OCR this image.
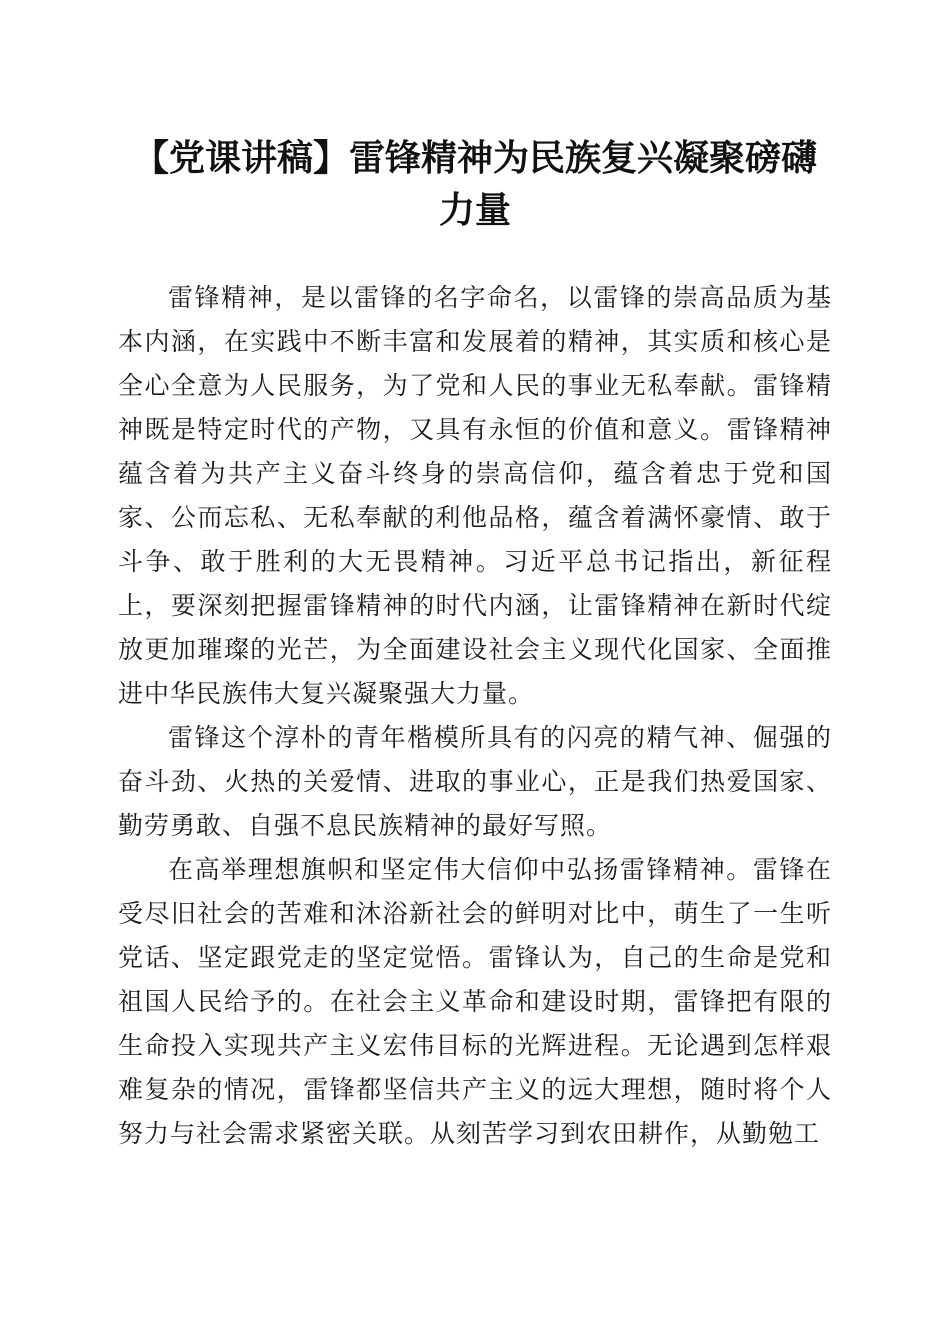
【党课讲稿】雷锋精神为民族复兴凝聚磅礴力量

雷锋精神，是以雷锋的名字命名，以雷锋的崇高品质为基本内涵，在实践中不断丰富和发展着的精神，其实质和核心是全心全意为人民服务，为了党和人民的事业无私奉献。雷锋精神既是特定时代的产物，又具有永恒的价值和意义。雷锋精神蕴含着为共产主义奋斗终身的崇高信仰，蕴含着忠于党和国家、公而忘私、无私奉献的利他品格，蕴含着满怀豪情、敢于斗争、敢于胜利的大无畏精神。习近平总书记指出，新征程上，要深刻把握雷锋精神的时代内涵，让雷锋精神在新时代绽放更加璀璨的光芒，为全面建设社会主义现代化国家、全面推进中华民族伟大复兴凝聚强大力量。

雷锋这个淳朴的青年楷模所具有的闪亮的精气神、倔强的奋斗劲、火热的关爱情、进取的事业心，正是我们热爱国家、勤劳勇敢、自强不息民族精神的最好写照。

在高举理想旗帜和坚定伟大信仰中弘扬雷锋精神。雷锋在受尽旧社会的苦难和沐浴新社会的鲜明对比中，萌生了一生听党话、坚定跟党走的坚定觉悟。雷锋认为，自己的生命是党和祖国人民给予的。在社会主义革命和建设时期，雷锋把有限的生命投入实现共产主义宏伟目标的光辉进程。无论遇到怎样艰难复杂的情况，雷锋都坚信共产主义的远大理想，随时将个人努力与社会需求紧密关联。从刻苦学习到农田耕作，从勤勉工
